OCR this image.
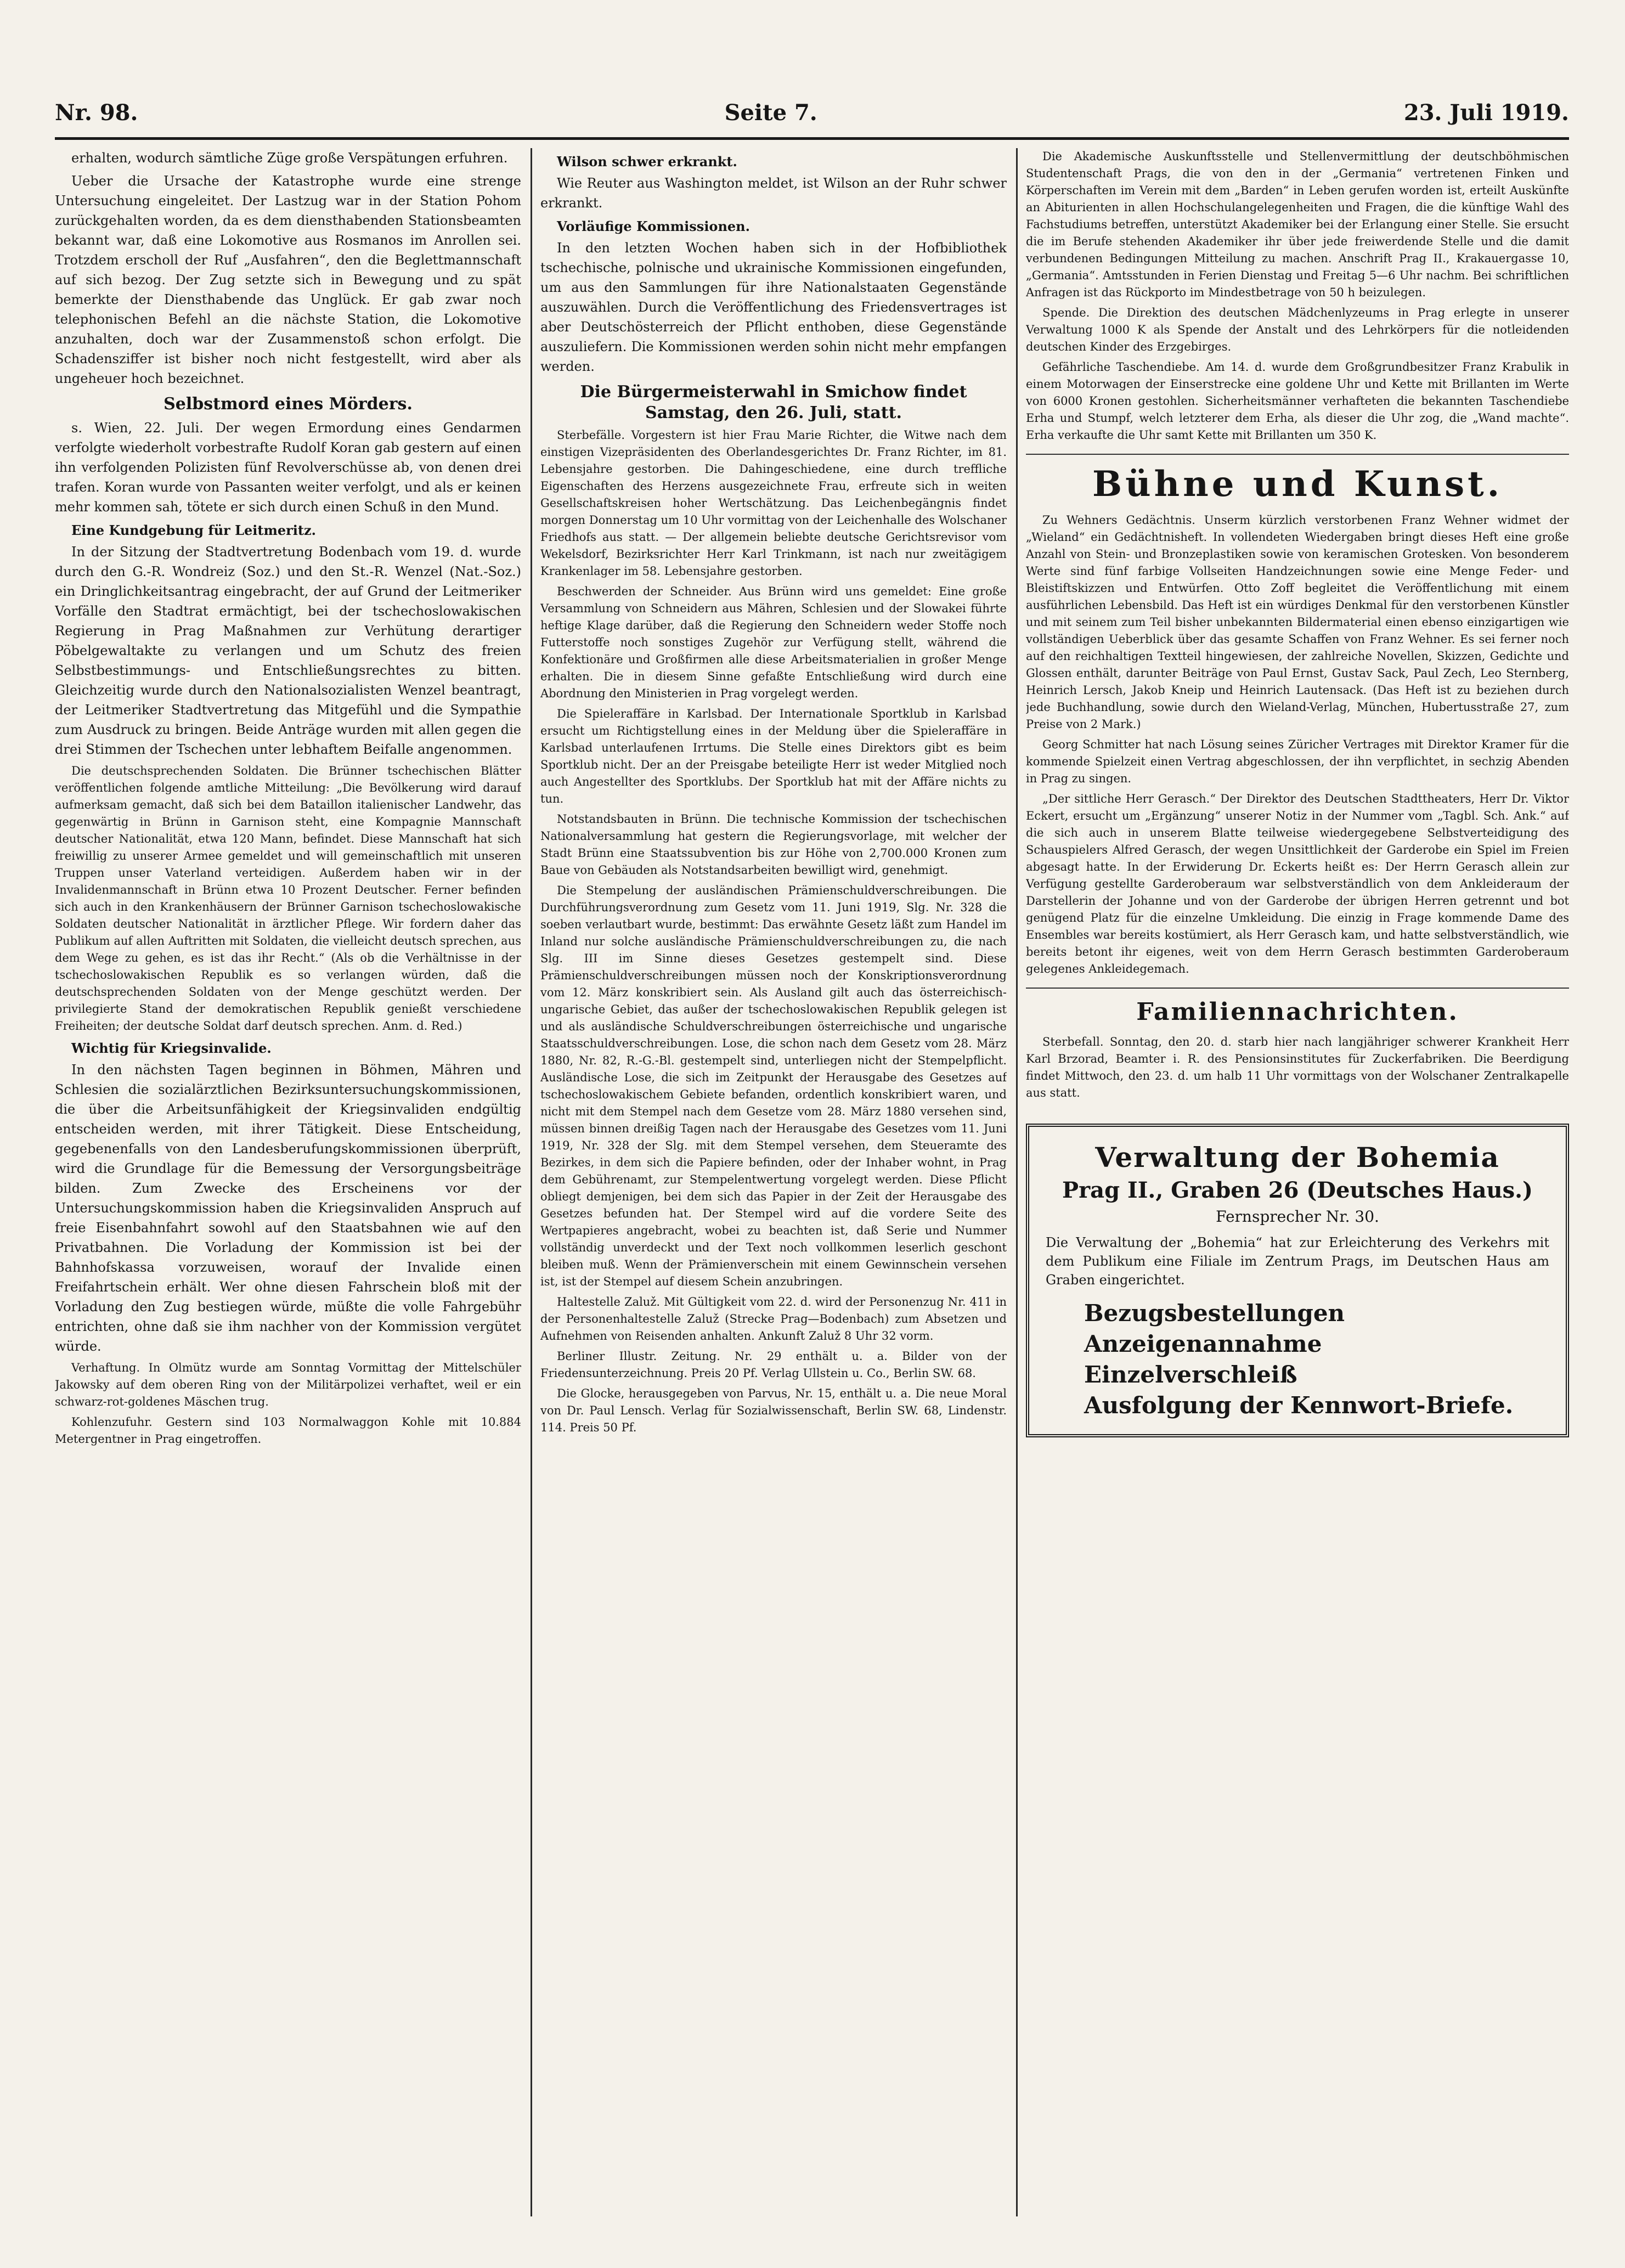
Nr. 98.	Seite 7.	23. Juli 1919.

erhalten, wodurch sämtliche Züge große Verspätungen erfuhren.

Ueber die Ursache der Katastrophe wurde eine strenge Untersuchung eingeleitet. Der Lastzug war in der Station Pohom zurückgehalten worden, da es dem diensthabenden Stationsbeamten bekannt war, daß eine Lokomotive aus Rosmanos im Anrollen sei. Trotzdem erscholl der Ruf „Ausfahren“, den die Beglettmannschaft auf sich bezog. Der Zug setzte sich in Bewegung und zu spät bemerkte der Diensthabende das Unglück. Er gab zwar noch telephonischen Befehl an die nächste Station, die Lokomotive anzuhalten, doch war der Zusammenstoß schon erfolgt. Die Schadensziffer ist bisher noch nicht festgestellt, wird aber als ungeheuer hoch bezeichnet.

Selbstmord eines Mörders.

s. Wien, 22. Juli. Der wegen Ermordung eines Gendarmen verfolgte wiederholt vorbestrafte Rudolf Koran gab gestern auf einen ihn verfolgenden Polizisten fünf Revolverschüsse ab, von denen drei trafen. Koran wurde von Passanten weiter verfolgt, und als er keinen mehr kommen sah, tötete er sich durch einen Schuß in den Mund.

Eine Kundgebung für Leitmeritz.

In der Sitzung der Stadtvertretung Bodenbach vom 19. d. wurde durch den G.-R. Wondreiz (Soz.) und den St.-R. Wenzel (Nat.-Soz.) ein Dringlichkeitsantrag eingebracht, der auf Grund der Leitmeriker Vorfälle den Stadtrat ermächtigt, bei der tschechoslowakischen Regierung in Prag Maßnahmen zur Verhütung derartiger Pöbelgewaltakte zu verlangen und um Schutz des freien Selbstbestimmungs- und Entschließungsrechtes zu bitten. Gleichzeitig wurde durch den Nationalsozialisten Wenzel beantragt, der Leitmeriker Stadtvertretung das Mitgefühl und die Sympathie zum Ausdruck zu bringen. Beide Anträge wurden mit allen gegen die drei Stimmen der Tschechen unter lebhaftem Beifalle angenommen.

Die deutschsprechenden Soldaten. Die Brünner tschechischen Blätter veröffentlichen folgende amtliche Mitteilung: „Die Bevölkerung wird darauf aufmerksam gemacht, daß sich bei dem Bataillon italienischer Landwehr, das gegenwärtig in Brünn in Garnison steht, eine Kompagnie Mannschaft deutscher Nationalität, etwa 120 Mann, befindet. Diese Mannschaft hat sich freiwillig zu unserer Armee gemeldet und will gemeinschaftlich mit unseren Truppen unser Vaterland verteidigen. Außerdem haben wir in der Invalidenmannschaft in Brünn etwa 10 Prozent Deutscher. Ferner befinden sich auch in den Krankenhäusern der Brünner Garnison tschechoslowakische Soldaten deutscher Nationalität in ärztlicher Pflege. Wir fordern daher das Publikum auf allen Auftritten mit Soldaten, die vielleicht deutsch sprechen, aus dem Wege zu gehen, es ist das ihr Recht.“ (Als ob die Verhältnisse in der tschechoslowakischen Republik es so verlangen würden, daß die deutschsprechenden Soldaten von der Menge geschützt werden. Der privilegierte Stand der demokratischen Republik genießt verschiedene Freiheiten; der deutsche Soldat darf deutsch sprechen. Anm. d. Red.)

Wichtig für Kriegsinvalide.

In den nächsten Tagen beginnen in Böhmen, Mähren und Schlesien die sozialärztlichen Bezirksuntersuchungskommissionen, die über die Arbeitsunfähigkeit der Kriegsinvaliden endgültig entscheiden werden, mit ihrer Tätigkeit. Diese Entscheidung, gegebenenfalls von den Landesberufungskommissionen überprüft, wird die Grundlage für die Bemessung der Versorgungsbeiträge bilden. Zum Zwecke des Erscheinens vor der Untersuchungskommission haben die Kriegsinvaliden Anspruch auf freie Eisenbahnfahrt sowohl auf den Staatsbahnen wie auf den Privatbahnen. Die Vorladung der Kommission ist bei der Bahnhofskassa vorzuweisen, worauf der Invalide einen Freifahrtschein erhält. Wer ohne diesen Fahrschein bloß mit der Vorladung den Zug bestiegen würde, müßte die volle Fahrgebühr entrichten, ohne daß sie ihm nachher von der Kommission vergütet würde.

Verhaftung. In Olmütz wurde am Sonntag Vormittag der Mittelschüler Jakowsky auf dem oberen Ring von der Militärpolizei verhaftet, weil er ein schwarz-rot-goldenes Mäschen trug.

Kohlenzufuhr. Gestern sind 103 Normalwaggon Kohle mit 10.884 Metergentner in Prag eingetroffen.

Wilson schwer erkrankt.

Wie Reuter aus Washington meldet, ist Wilson an der Ruhr schwer erkrankt.

Vorläufige Kommissionen.

In den letzten Wochen haben sich in der Hofbibliothek tschechische, polnische und ukrainische Kommissionen eingefunden, um aus den Sammlungen für ihre Nationalstaaten Gegenstände auszuwählen. Durch die Veröffentlichung des Friedensvertrages ist aber Deutschösterreich der Pflicht enthoben, diese Gegenstände auszuliefern. Die Kommissionen werden sohin nicht mehr empfangen werden.

Die Bürgermeisterwahl in Smichow findet Samstag, den 26. Juli, statt.

Sterbefälle. Vorgestern ist hier Frau Marie Richter, die Witwe nach dem einstigen Vizepräsidenten des Oberlandesgerichtes Dr. Franz Richter, im 81. Lebensjahre gestorben. Die Dahingeschiedene, eine durch treffliche Eigenschaften des Herzens ausgezeichnete Frau, erfreute sich in weiten Gesellschaftskreisen hoher Wertschätzung. Das Leichenbegängnis findet morgen Donnerstag um 10 Uhr vormittag von der Leichenhalle des Wolschaner Friedhofs aus statt. — Der allgemein beliebte deutsche Gerichtsrevisor vom Wekelsdorf, Bezirksrichter Herr Karl Trinkmann, ist nach nur zweitägigem Krankenlager im 58. Lebensjahre gestorben.

Beschwerden der Schneider. Aus Brünn wird uns gemeldet: Eine große Versammlung von Schneidern aus Mähren, Schlesien und der Slowakei führte heftige Klage darüber, daß die Regierung den Schneidern weder Stoffe noch Futterstoffe noch sonstiges Zugehör zur Verfügung stellt, während die Konfektionäre und Großfirmen alle diese Arbeitsmaterialien in großer Menge erhalten. Die in diesem Sinne gefaßte Entschließung wird durch eine Abordnung den Ministerien in Prag vorgelegt werden.

Die Spieleraffäre in Karlsbad. Der Internationale Sportklub in Karlsbad ersucht um Richtigstellung eines in der Meldung über die Spieleraffäre in Karlsbad unterlaufenen Irrtums. Die Stelle eines Direktors gibt es beim Sportklub nicht. Der an der Preisgabe beteiligte Herr ist weder Mitglied noch auch Angestellter des Sportklubs. Der Sportklub hat mit der Affäre nichts zu tun.

Notstandsbauten in Brünn. Die technische Kommission der tschechischen Nationalversammlung hat gestern die Regierungsvorlage, mit welcher der Stadt Brünn eine Staatssubvention bis zur Höhe von 2,700.000 Kronen zum Baue von Gebäuden als Notstandsarbeiten bewilligt wird, genehmigt.

Die Stempelung der ausländischen Prämienschuldverschreibungen. Die Durchführungsverordnung zum Gesetz vom 11. Juni 1919, Slg. Nr. 328 die soeben verlautbart wurde, bestimmt: Das erwähnte Gesetz läßt zum Handel im Inland nur solche ausländische Prämienschuldverschreibungen zu, die nach Slg. III im Sinne dieses Gesetzes gestempelt sind. Diese Prämienschuldverschreibungen müssen noch der Konskriptionsverordnung vom 12. März konskribiert sein. Als Ausland gilt auch das österreichisch-ungarische Gebiet, das außer der tschechoslowakischen Republik gelegen ist und als ausländische Schuldverschreibungen österreichische und ungarische Staatsschuldverschreibungen. Lose, die schon nach dem Gesetz vom 28. März 1880, Nr. 82, R.-G.-Bl. gestempelt sind, unterliegen nicht der Stempelpflicht. Ausländische Lose, die sich im Zeitpunkt der Herausgabe des Gesetzes auf tschechoslowakischem Gebiete befanden, ordentlich konskribiert waren, und nicht mit dem Stempel nach dem Gesetze vom 28. März 1880 versehen sind, müssen binnen dreißig Tagen nach der Herausgabe des Gesetzes vom 11. Juni 1919, Nr. 328 der Slg. mit dem Stempel versehen, dem Steueramte des Bezirkes, in dem sich die Papiere befinden, oder der Inhaber wohnt, in Prag dem Gebührenamt, zur Stempelentwertung vorgelegt werden. Diese Pflicht obliegt demjenigen, bei dem sich das Papier in der Zeit der Herausgabe des Gesetzes befunden hat. Der Stempel wird auf die vordere Seite des Wertpapieres angebracht, wobei zu beachten ist, daß Serie und Nummer vollständig unverdeckt und der Text noch vollkommen leserlich geschont bleiben muß. Wenn der Prämienverschein mit einem Gewinnschein versehen ist, ist der Stempel auf diesem Schein anzubringen.

Haltestelle Zaluž. Mit Gültigkeit vom 22. d. wird der Personenzug Nr. 411 in der Personenhaltestelle Zaluž (Strecke Prag—Bodenbach) zum Absetzen und Aufnehmen von Reisenden anhalten. Ankunft Zaluž 8 Uhr 32 vorm.

Berliner Illustr. Zeitung. Nr. 29 enthält u. a. Bilder von der Friedensunterzeichnung. Preis 20 Pf. Verlag Ullstein u. Co., Berlin SW. 68.

Die Glocke, herausgegeben von Parvus, Nr. 15, enthält u. a. Die neue Moral von Dr. Paul Lensch. Verlag für Sozialwissenschaft, Berlin SW. 68, Lindenstr. 114. Preis 50 Pf.

Die Akademische Auskunftsstelle und Stellenvermittlung der deutschböhmischen Studentenschaft Prags, die von den in der „Germania“ vertretenen Finken und Körperschaften im Verein mit dem „Barden“ in Leben gerufen worden ist, erteilt Auskünfte an Abiturienten in allen Hochschulangelegenheiten und Fragen, die die künftige Wahl des Fachstudiums betreffen, unterstützt Akademiker bei der Erlangung einer Stelle. Sie ersucht die im Berufe stehenden Akademiker ihr über jede freiwerdende Stelle und die damit verbundenen Bedingungen Mitteilung zu machen. Anschrift Prag II., Krakauergasse 10, „Germania“. Amtsstunden in Ferien Dienstag und Freitag 5—6 Uhr nachm. Bei schriftlichen Anfragen ist das Rückporto im Mindestbetrage von 50 h beizulegen.

Spende. Die Direktion des deutschen Mädchenlyzeums in Prag erlegte in unserer Verwaltung 1000 K als Spende der Anstalt und des Lehrkörpers für die notleidenden deutschen Kinder des Erzgebirges.

Gefährliche Taschendiebe. Am 14. d. wurde dem Großgrundbesitzer Franz Krabulik in einem Motorwagen der Einserstrecke eine goldene Uhr und Kette mit Brillanten im Werte von 6000 Kronen gestohlen. Sicherheitsmänner verhafteten die bekannten Taschendiebe Erha und Stumpf, welch letzterer dem Erha, als dieser die Uhr zog, die „Wand machte“. Erha verkaufte die Uhr samt Kette mit Brillanten um 350 K.

Bühne und Kunst.

Zu Wehners Gedächtnis. Unserm kürzlich verstorbenen Franz Wehner widmet der „Wieland“ ein Gedächtnisheft. In vollendeten Wiedergaben bringt dieses Heft eine große Anzahl von Stein- und Bronzeplastiken sowie von keramischen Grotesken. Von besonderem Werte sind fünf farbige Vollseiten Handzeichnungen sowie eine Menge Feder- und Bleistiftskizzen und Entwürfen. Otto Zoff begleitet die Veröffentlichung mit einem ausführlichen Lebensbild. Das Heft ist ein würdiges Denkmal für den verstorbenen Künstler und mit seinem zum Teil bisher unbekannten Bildermaterial einen ebenso einzigartigen wie vollständigen Ueberblick über das gesamte Schaffen von Franz Wehner. Es sei ferner noch auf den reichhaltigen Textteil hingewiesen, der zahlreiche Novellen, Skizzen, Gedichte und Glossen enthält, darunter Beiträge von Paul Ernst, Gustav Sack, Paul Zech, Leo Sternberg, Heinrich Lersch, Jakob Kneip und Heinrich Lautensack. (Das Heft ist zu beziehen durch jede Buchhandlung, sowie durch den Wieland-Verlag, München, Hubertusstraße 27, zum Preise von 2 Mark.)

Georg Schmitter hat nach Lösung seines Züricher Vertrages mit Direktor Kramer für die kommende Spielzeit einen Vertrag abgeschlossen, der ihn verpflichtet, in sechzig Abenden in Prag zu singen.

„Der sittliche Herr Gerasch.“ Der Direktor des Deutschen Stadttheaters, Herr Dr. Viktor Eckert, ersucht um „Ergänzung“ unserer Notiz in der Nummer vom „Tagbl. Sch. Ank.“ auf die sich auch in unserem Blatte teilweise wiedergegebene Selbstverteidigung des Schauspielers Alfred Gerasch, der wegen Unsittlichkeit der Garderobe ein Spiel im Freien abgesagt hatte. In der Erwiderung Dr. Eckerts heißt es: Der Herrn Gerasch allein zur Verfügung gestellte Garderoberaum war selbstverständlich von dem Ankleideraum der Darstellerin der Johanne und von der Garderobe der übrigen Herren getrennt und bot genügend Platz für die einzelne Umkleidung. Die einzig in Frage kommende Dame des Ensembles war bereits kostümiert, als Herr Gerasch kam, und hatte selbstverständlich, wie bereits betont ihr eigenes, weit von dem Herrn Gerasch bestimmten Garderoberaum gelegenes Ankleidegemach.

Familiennachrichten.

Sterbefall. Sonntag, den 20. d. starb hier nach langjähriger schwerer Krankheit Herr Karl Brzorad, Beamter i. R. des Pensionsinstitutes für Zuckerfabriken. Die Beerdigung findet Mittwoch, den 23. d. um halb 11 Uhr vormittags von der Wolschaner Zentralkapelle aus statt.

Verwaltung der Bohemia
Prag II., Graben 26 (Deutsches Haus.)
Fernsprecher Nr. 30.
Die Verwaltung der „Bohemia“ hat zur Erleichterung des Verkehrs mit dem Publikum eine Filiale im Zentrum Prags, im Deutschen Haus am Graben eingerichtet.
Bezugsbestellungen
Anzeigenannahme
Einzelverschleiß
Ausfolgung der Kennwort-Briefe.
